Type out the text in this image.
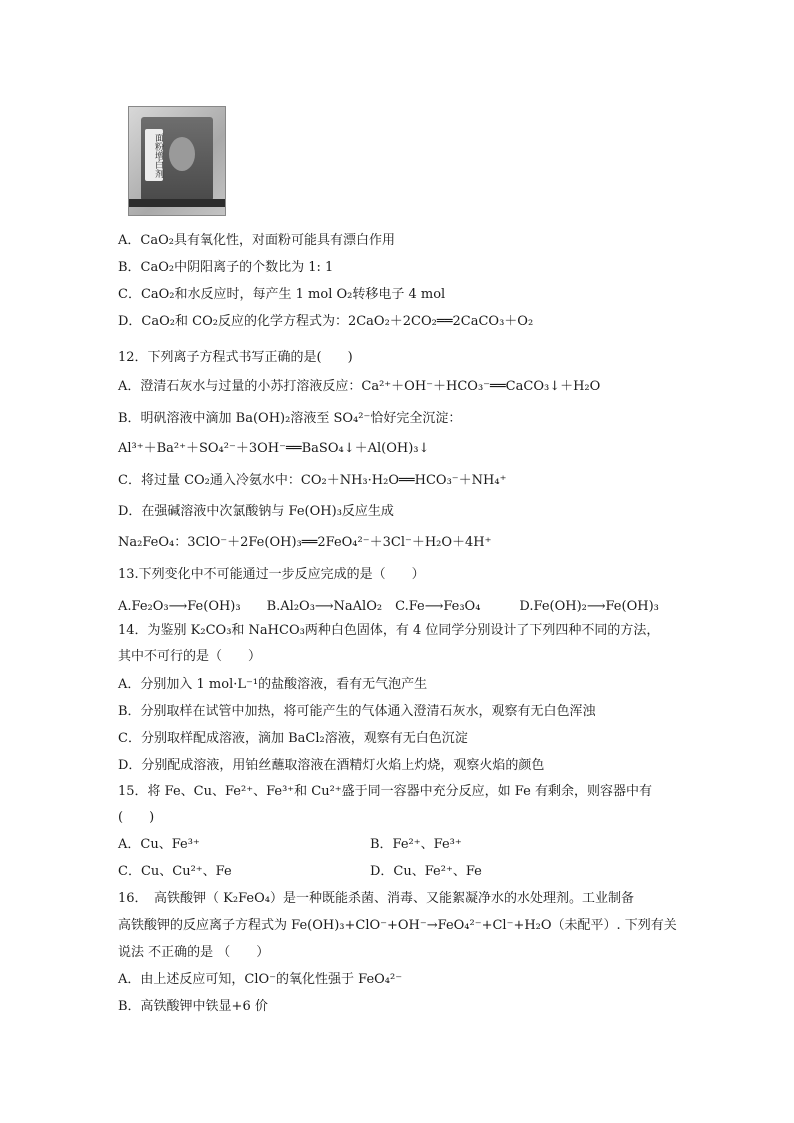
面粉增白剂
A．CaO₂具有氧化性，对面粉可能具有漂白作用
B．CaO₂中阴阳离子的个数比为 1: 1
C．CaO₂和水反应时，每产生 1 mol O₂转移电子 4 mol
D．CaO₂和 CO₂反应的化学方程式为：2CaO₂＋2CO₂══2CaCO₃＋O₂
12．下列离子方程式书写正确的是(　　)
A．澄清石灰水与过量的小苏打溶液反应：Ca²⁺＋OH⁻＋HCO₃⁻══CaCO₃↓＋H₂O
B．明矾溶液中滴加 Ba(OH)₂溶液至 SO₄²⁻恰好完全沉淀：
Al³⁺＋Ba²⁺＋SO₄²⁻＋3OH⁻══BaSO₄↓＋Al(OH)₃↓
C．将过量 CO₂通入冷氨水中：CO₂＋NH₃·H₂O══HCO₃⁻＋NH₄⁺
D．在强碱溶液中次氯酸钠与 Fe(OH)₃反应生成
Na₂FeO₄：3ClO⁻＋2Fe(OH)₃══2FeO₄²⁻＋3Cl⁻＋H₂O＋4H⁺
13.下列变化中不可能通过一步反应完成的是（　　）
A.Fe₂O₃⟶Fe(OH)₃　　B.Al₂O₃⟶NaAlO₂　C.Fe⟶Fe₃O₄　　　D.Fe(OH)₂⟶Fe(OH)₃
14．为鉴别 K₂CO₃和 NaHCO₃两种白色固体，有 4 位同学分别设计了下列四种不同的方法，
其中不可行的是（　　）
A．分别加入 1 mol·L⁻¹的盐酸溶液，看有无气泡产生
B．分别取样在试管中加热，将可能产生的气体通入澄清石灰水，观察有无白色浑浊
C．分别取样配成溶液，滴加 BaCl₂溶液，观察有无白色沉淀
D．分别配成溶液，用铂丝蘸取溶液在酒精灯火焰上灼烧，观察火焰的颜色
15．将 Fe、Cu、Fe²⁺、Fe³⁺和 Cu²⁺盛于同一容器中充分反应，如 Fe 有剩余，则容器中有
(　　)
A．Cu、Fe³⁺	B．Fe²⁺、Fe³⁺
C．Cu、Cu²⁺、Fe	D．Cu、Fe²⁺、Fe
16．　高铁酸钾（ K₂FeO₄）是一种既能杀菌、消毒、又能絮凝净水的水处理剂。工业制备
高铁酸钾的反应离子方程式为 Fe(OH)₃+ClO⁻+OH⁻→FeO₄²⁻+Cl⁻+H₂O（未配平）. 下列有关
说法 不正确的是 （　　）
A．由上述反应可知，ClO⁻的氧化性强于 FeO₄²⁻
B．高铁酸钾中铁显+6 价
